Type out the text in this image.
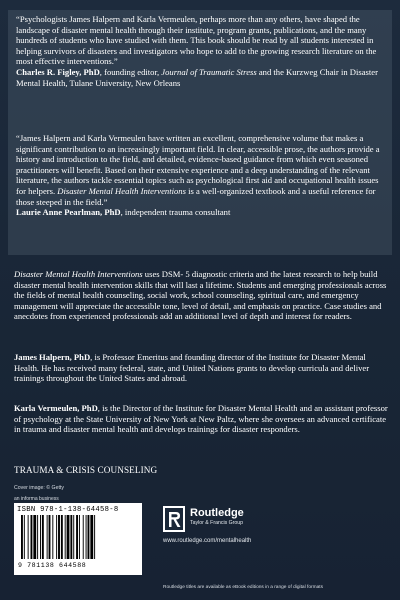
“Psychologists James Halpern and Karla Vermeulen, perhaps more than any others, have shaped the landscape of disaster mental health through their institute, program grants, publications, and the many hundreds of students who have studied with them. This book should be read by all students interested in helping survivors of disasters and investigators who hope to add to the growing research literature on the most effective interventions.”

Charles R. Figley, PhD, founding editor, Journal of Traumatic Stress and the Kurzweg Chair in Disaster Mental Health, Tulane University, New Orleans

“James Halpern and Karla Vermeulen have written an excellent, comprehensive volume that makes a significant contribution to an increasingly important field. In clear, accessible prose, the authors provide a history and introduction to the field, and detailed, evidence-based guidance from which even seasoned practitioners will benefit. Based on their extensive experience and a deep understanding of the relevant literature, the authors tackle essential topics such as psychological first aid and occupational health issues for helpers. Disaster Mental Health Interventions is a well-organized textbook and a useful reference for those steeped in the field.”

Laurie Anne Pearlman, PhD, independent trauma consultant

Disaster Mental Health Interventions uses DSM- 5 diagnostic criteria and the latest research to help build disaster mental health intervention skills that will last a lifetime. Students and emerging professionals across the fields of mental health counseling, social work, school counseling, spiritual care, and emergency management will appreciate the accessible tone, level of detail, and emphasis on practice. Case studies and anecdotes from experienced professionals add an additional level of depth and interest for readers.

James Halpern, PhD, is Professor Emeritus and founding director of the Institute for Disaster Mental Health. He has received many federal, state, and United Nations grants to develop curricula and deliver trainings throughout the United States and abroad.

Karla Vermeulen, PhD, is the Director of the Institute for Disaster Mental Health and an assistant professor of psychology at the State University of New York at New Paltz, where she oversees an advanced certificate in trauma and disaster mental health and develops trainings for disaster responders.

TRAUMA & CRISIS COUNSELING
Cover image: © Getty
an informa business
ISBN 978-1-138-64458-8
9 781138 644588
Routledge
Taylor & Francis Group
www.routledge.com/mentalhealth
Routledge titles are available as eBook editions in a range of digital formats
